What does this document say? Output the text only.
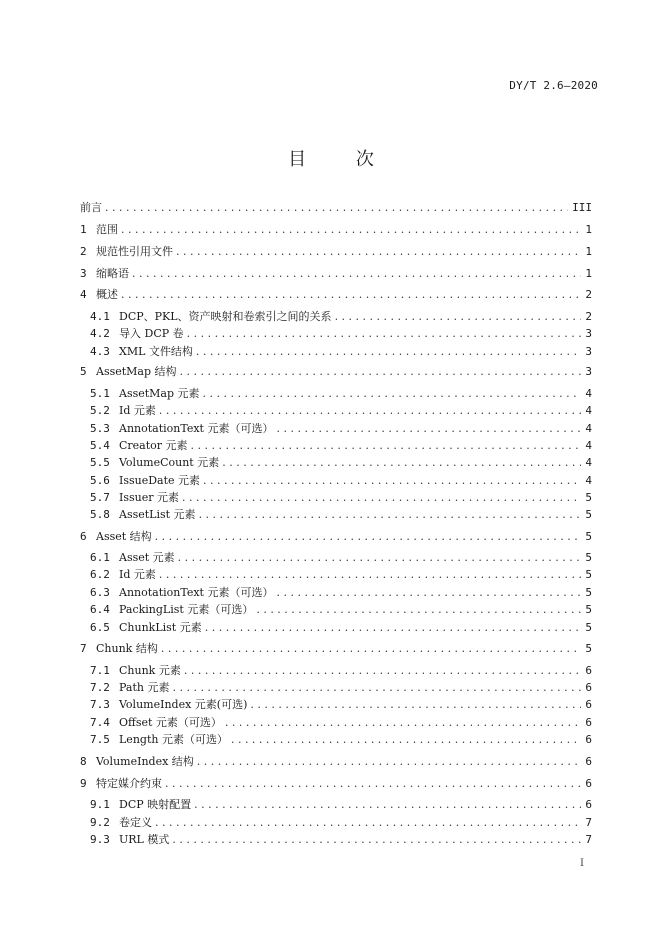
DY/T 2.6—2020
目 次
前言 . . .	III
1 范围 . . .	1
2 规范性引用文件 . . .	1
3 缩略语 . . .	1
4 概述 . . .	2
4.1 DCP、PKL、资产映射和卷索引之间的关系 . . .	2
4.2 导入 DCP 卷 . . .	3
4.3 XML 文件结构 . . .	3
5 AssetMap 结构 . . .	3
5.1 AssetMap 元素 . . .	4
5.2 Id 元素 . . .	4
5.3 AnnotationText 元素（可选） . . .	4
5.4 Creator 元素 . . .	4
5.5 VolumeCount 元素 . . .	4
5.6 IssueDate 元素 . . .	4
5.7 Issuer 元素 . . .	5
5.8 AssetList 元素 . . .	5
6 Asset 结构 . . .	5
6.1 Asset 元素 . . .	5
6.2 Id 元素 . . .	5
6.3 AnnotationText 元素（可选） . . .	5
6.4 PackingList 元素（可选） . . .	5
6.5 ChunkList 元素 . . .	5
7 Chunk 结构 . . .	5
7.1 Chunk 元素 . . .	6
7.2 Path 元素 . . .	6
7.3 VolumeIndex 元素(可选) . . .	6
7.4 Offset 元素（可选） . . .	6
7.5 Length 元素（可选） . . .	6
8 VolumeIndex 结构 . . .	6
9 特定媒介约束 . . .	6
9.1 DCP 映射配置 . . .	6
9.2 卷定义 . . .	7
9.3 URL 模式 . . .	7
I
